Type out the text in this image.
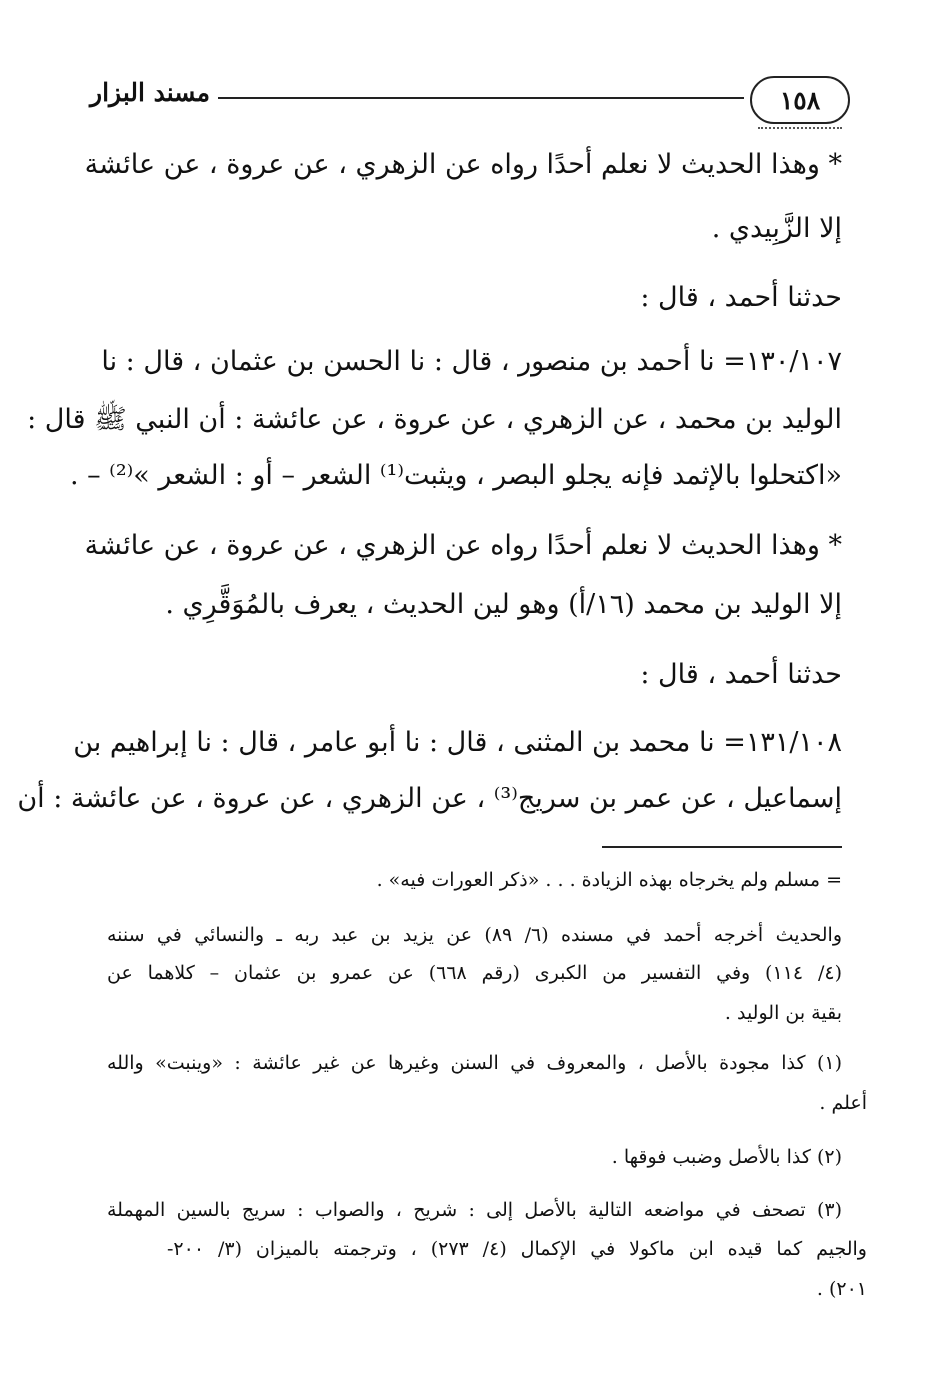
١٥٨
مسند البزار
* وهذا الحديث لا نعلم أحدًا رواه عن الزهري ، عن عروة ، عن عائشة
إلا الزَّبِيدي .
حدثنا أحمد ، قال :
١٣٠/١٠٧= نا أحمد بن منصور ، قال : نا الحسن بن عثمان ، قال : نا
الوليد بن محمد ، عن الزهري ، عن عروة ، عن عائشة : أن النبي ﷺ قال :
«اكتحلوا بالإثمد فإنه يجلو البصر ، ويثبت⁽¹⁾ الشعر – أو : الشعر »⁽²⁾ – .
* وهذا الحديث لا نعلم أحدًا رواه عن الزهري ، عن عروة ، عن عائشة
إلا الوليد بن محمد (١٦/أ) وهو لين الحديث ، يعرف بالمُوَقَّرِي .
حدثنا أحمد ، قال :
١٣١/١٠٨= نا محمد بن المثنى ، قال : نا أبو عامر ، قال : نا إبراهيم بن
إسماعيل ، عن عمر بن سريج⁽³⁾ ، عن الزهري ، عن عروة ، عن عائشة : أن
= مسلم ولم يخرجاه بهذه الزيادة . . . «ذكر العورات فيه» .
والحديث أخرجه أحمد في مسنده (٦/ ٨٩) عن يزيد بن عبد ربه ـ والنسائي في سننه
(٤/ ١١٤) وفي التفسير من الكبرى (رقم ٦٦٨) عن عمرو بن عثمان – كلاهما عن
بقية بن الوليد .
(١) كذا مجودة بالأصل ، والمعروف في السنن وغيرها عن غير عائشة : «وينبت» والله
أعلم .
(٢) كذا بالأصل وضبب فوقها .
(٣) تصحف في مواضعه التالية بالأصل إلى : شريح ، والصواب : سريج بالسين المهملة
والجيم كما قيده ابن ماكولا في الإكمال (٤/ ٢٧٣) ، وترجمته بالميزان (٣/ ٢٠٠-
٢٠١) .
